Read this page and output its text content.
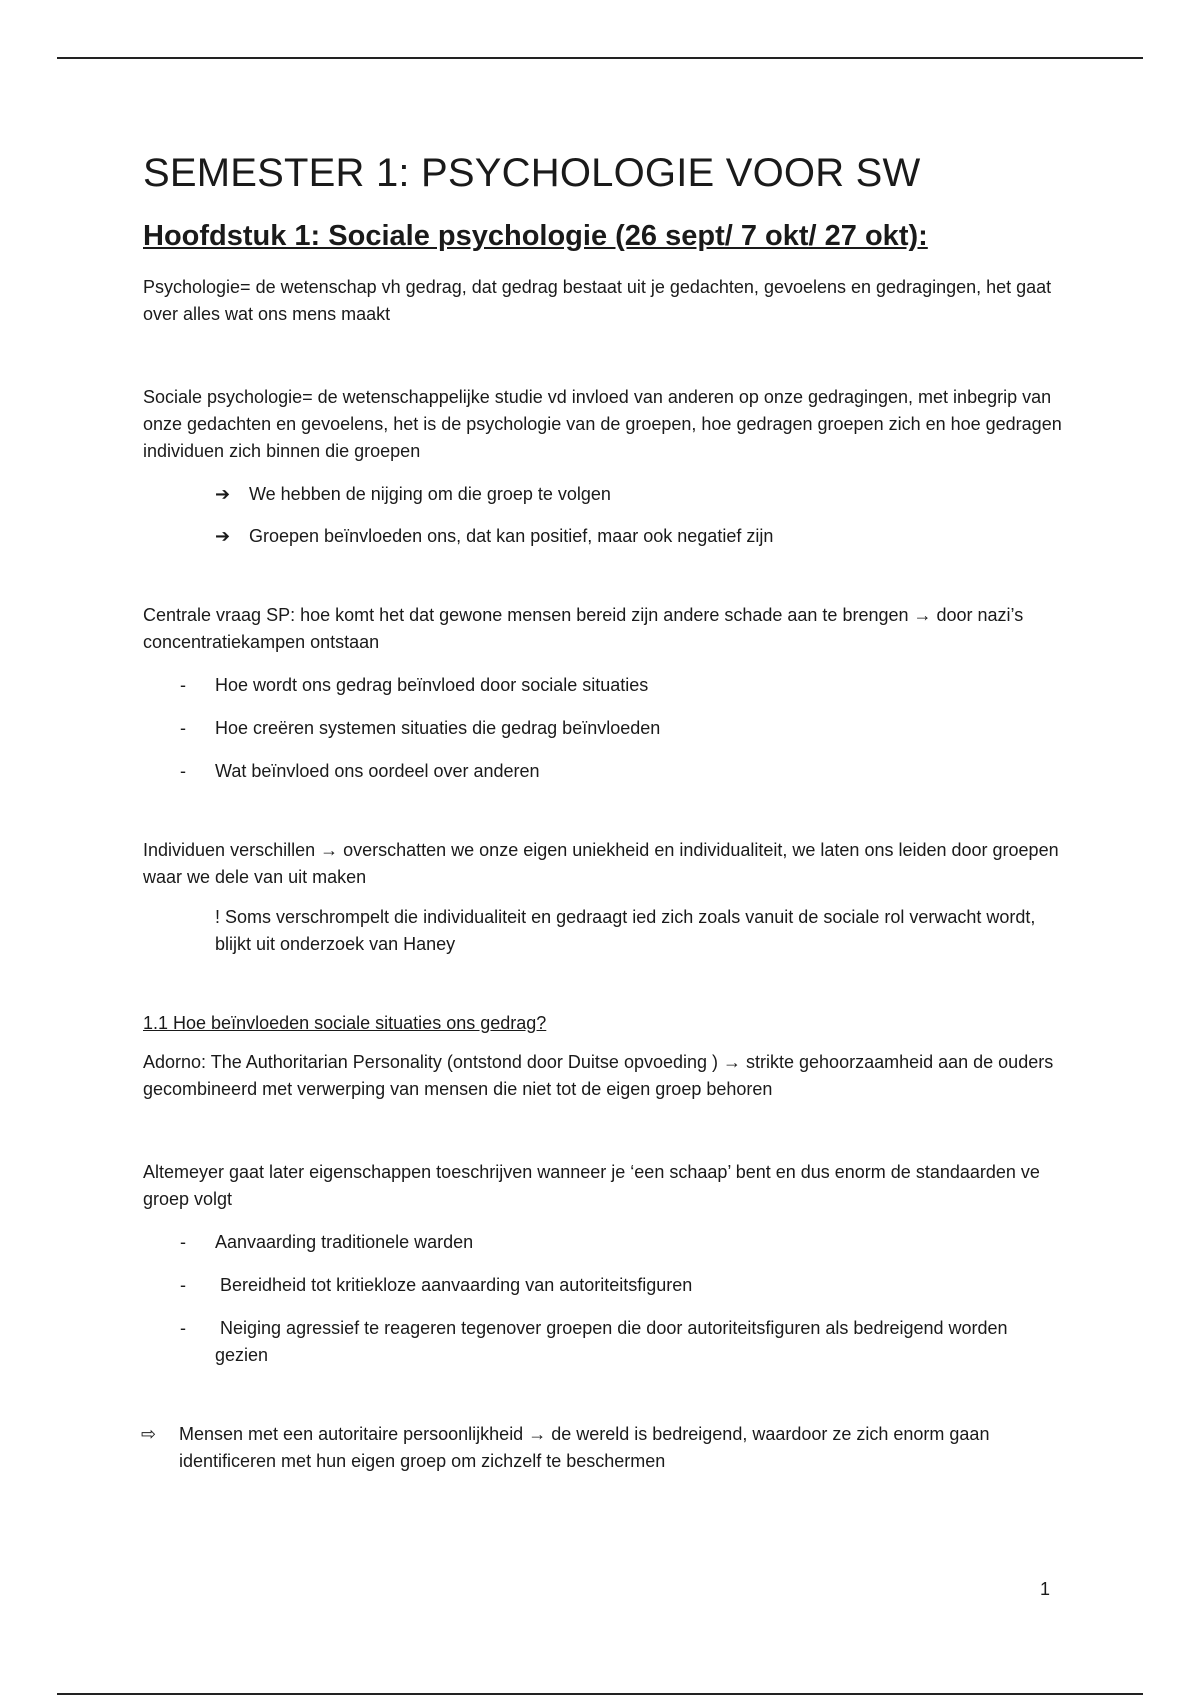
SEMESTER 1: PSYCHOLOGIE VOOR SW
Hoofdstuk 1: Sociale psychologie (26 sept/ 7 okt/ 27 okt):

Psychologie= de wetenschap vh gedrag, dat gedrag bestaat uit je gedachten, gevoelens en gedragingen, het gaat over alles wat ons mens maakt

Sociale psychologie= de wetenschappelijke studie vd invloed van anderen op onze gedragingen, met inbegrip van onze gedachten en gevoelens, het is de psychologie van de groepen, hoe gedragen groepen zich en hoe gedragen individuen zich binnen die groepen

➔	We hebben de nijging om die groep te volgen
➔	Groepen beïnvloeden ons, dat kan positief, maar ook negatief zijn

Centrale vraag SP: hoe komt het dat gewone mensen bereid zijn andere schade aan te brengen → door nazi’s concentratiekampen ontstaan

-	Hoe wordt ons gedrag beïnvloed door sociale situaties
-	Hoe creëren systemen situaties die gedrag beïnvloeden
-	Wat beïnvloed ons oordeel over anderen

Individuen verschillen → overschatten we onze eigen uniekheid en individualiteit, we laten ons leiden door groepen waar we dele van uit maken

! Soms verschrompelt die individualiteit en gedraagt ied zich zoals vanuit de sociale rol verwacht wordt, blijkt uit onderzoek van Haney

1.1 Hoe beïnvloeden sociale situaties ons gedrag?

Adorno: The Authoritarian Personality (ontstond door Duitse opvoeding ) → strikte gehoorzaamheid aan de ouders gecombineerd met verwerping van mensen die niet tot de eigen groep behoren

Altemeyer gaat later eigenschappen toeschrijven wanneer je ‘een schaap’ bent en dus enorm de standaarden ve groep volgt

-	Aanvaarding traditionele warden
-	Bereidheid tot kritiekloze aanvaarding van autoriteitsfiguren
-	Neiging agressief te reageren tegenover groepen die door autoriteitsfiguren als bedreigend worden gezien
⇨	Mensen met een autoritaire persoonlijkheid → de wereld is bedreigend, waardoor ze zich enorm gaan identificeren met hun eigen groep om zichzelf te beschermen
1
